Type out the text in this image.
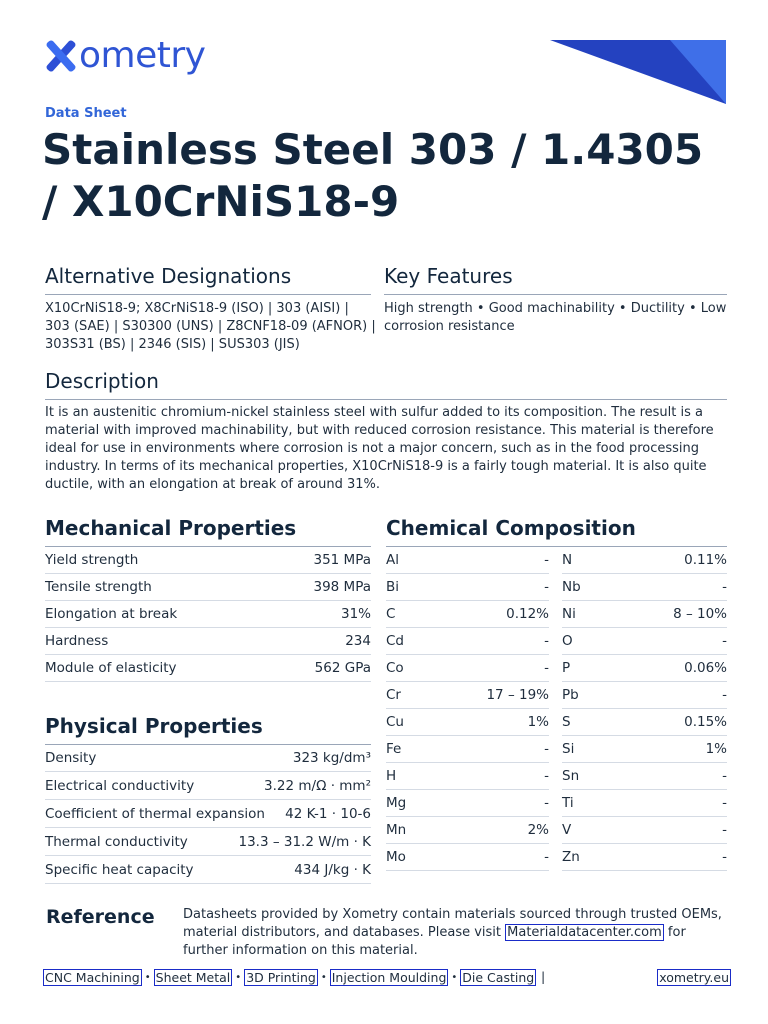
ometry
Data Sheet
Stainless Steel 303 / 1.4305 / X10CrNiS18-9
Alternative Designations
X10CrNiS18-9; X8CrNiS18-9 (ISO) | 303 (AISI) | 303 (SAE) | S30300 (UNS) | Z8CNF18-09 (AFNOR) | 303S31 (BS) | 2346 (SIS) | SUS303 (JIS)
Key Features
High strength • Good machinability • Ductility • Low corrosion resistance
Description
It is an austenitic chromium-nickel stainless steel with sulfur added to its composition. The result is a material with improved machinability, but with reduced corrosion resistance. This material is therefore ideal for use in environments where corrosion is not a major concern, such as in the food processing industry. In terms of its mechanical properties, X10CrNiS18-9 is a fairly tough material. It is also quite ductile, with an elongation at break of around 31%.
Mechanical Properties
Yield strength	351 MPa
Tensile strength	398 MPa
Elongation at break	31%
Hardness	234
Module of elasticity	562 GPa
Physical Properties
Density	323 kg/dm³
Electrical conductivity	3.22 m/Ω · mm²
Coefficient of thermal expansion 42 K-1 · 10-6
Thermal conductivity	13.3 – 31.2 W/m · K
Specific heat capacity	434 J/kg · K
Chemical Composition
Al	-
Bi	-
C	0.12%
Cd	-
Co	-
Cr	17 – 19%
Cu	1%
Fe	-
H	-
Mg	-
Mn	2%
Mo	-
N	0.11%
Nb	-
Ni	8 – 10%
O	-
P	0.06%
Pb	-
S	0.15%
Si	1%
Sn	-
Ti	-
V	-
Zn	-
Reference Datasheets provided by Xometry contain materials sourced through trusted OEMs, material distributors, and databases. Please visit Materialdatacenter.com for further information on this material.
CNC Machining • Sheet Metal • 3D Printing • Injection Moulding • Die Casting |	xometry.eu
